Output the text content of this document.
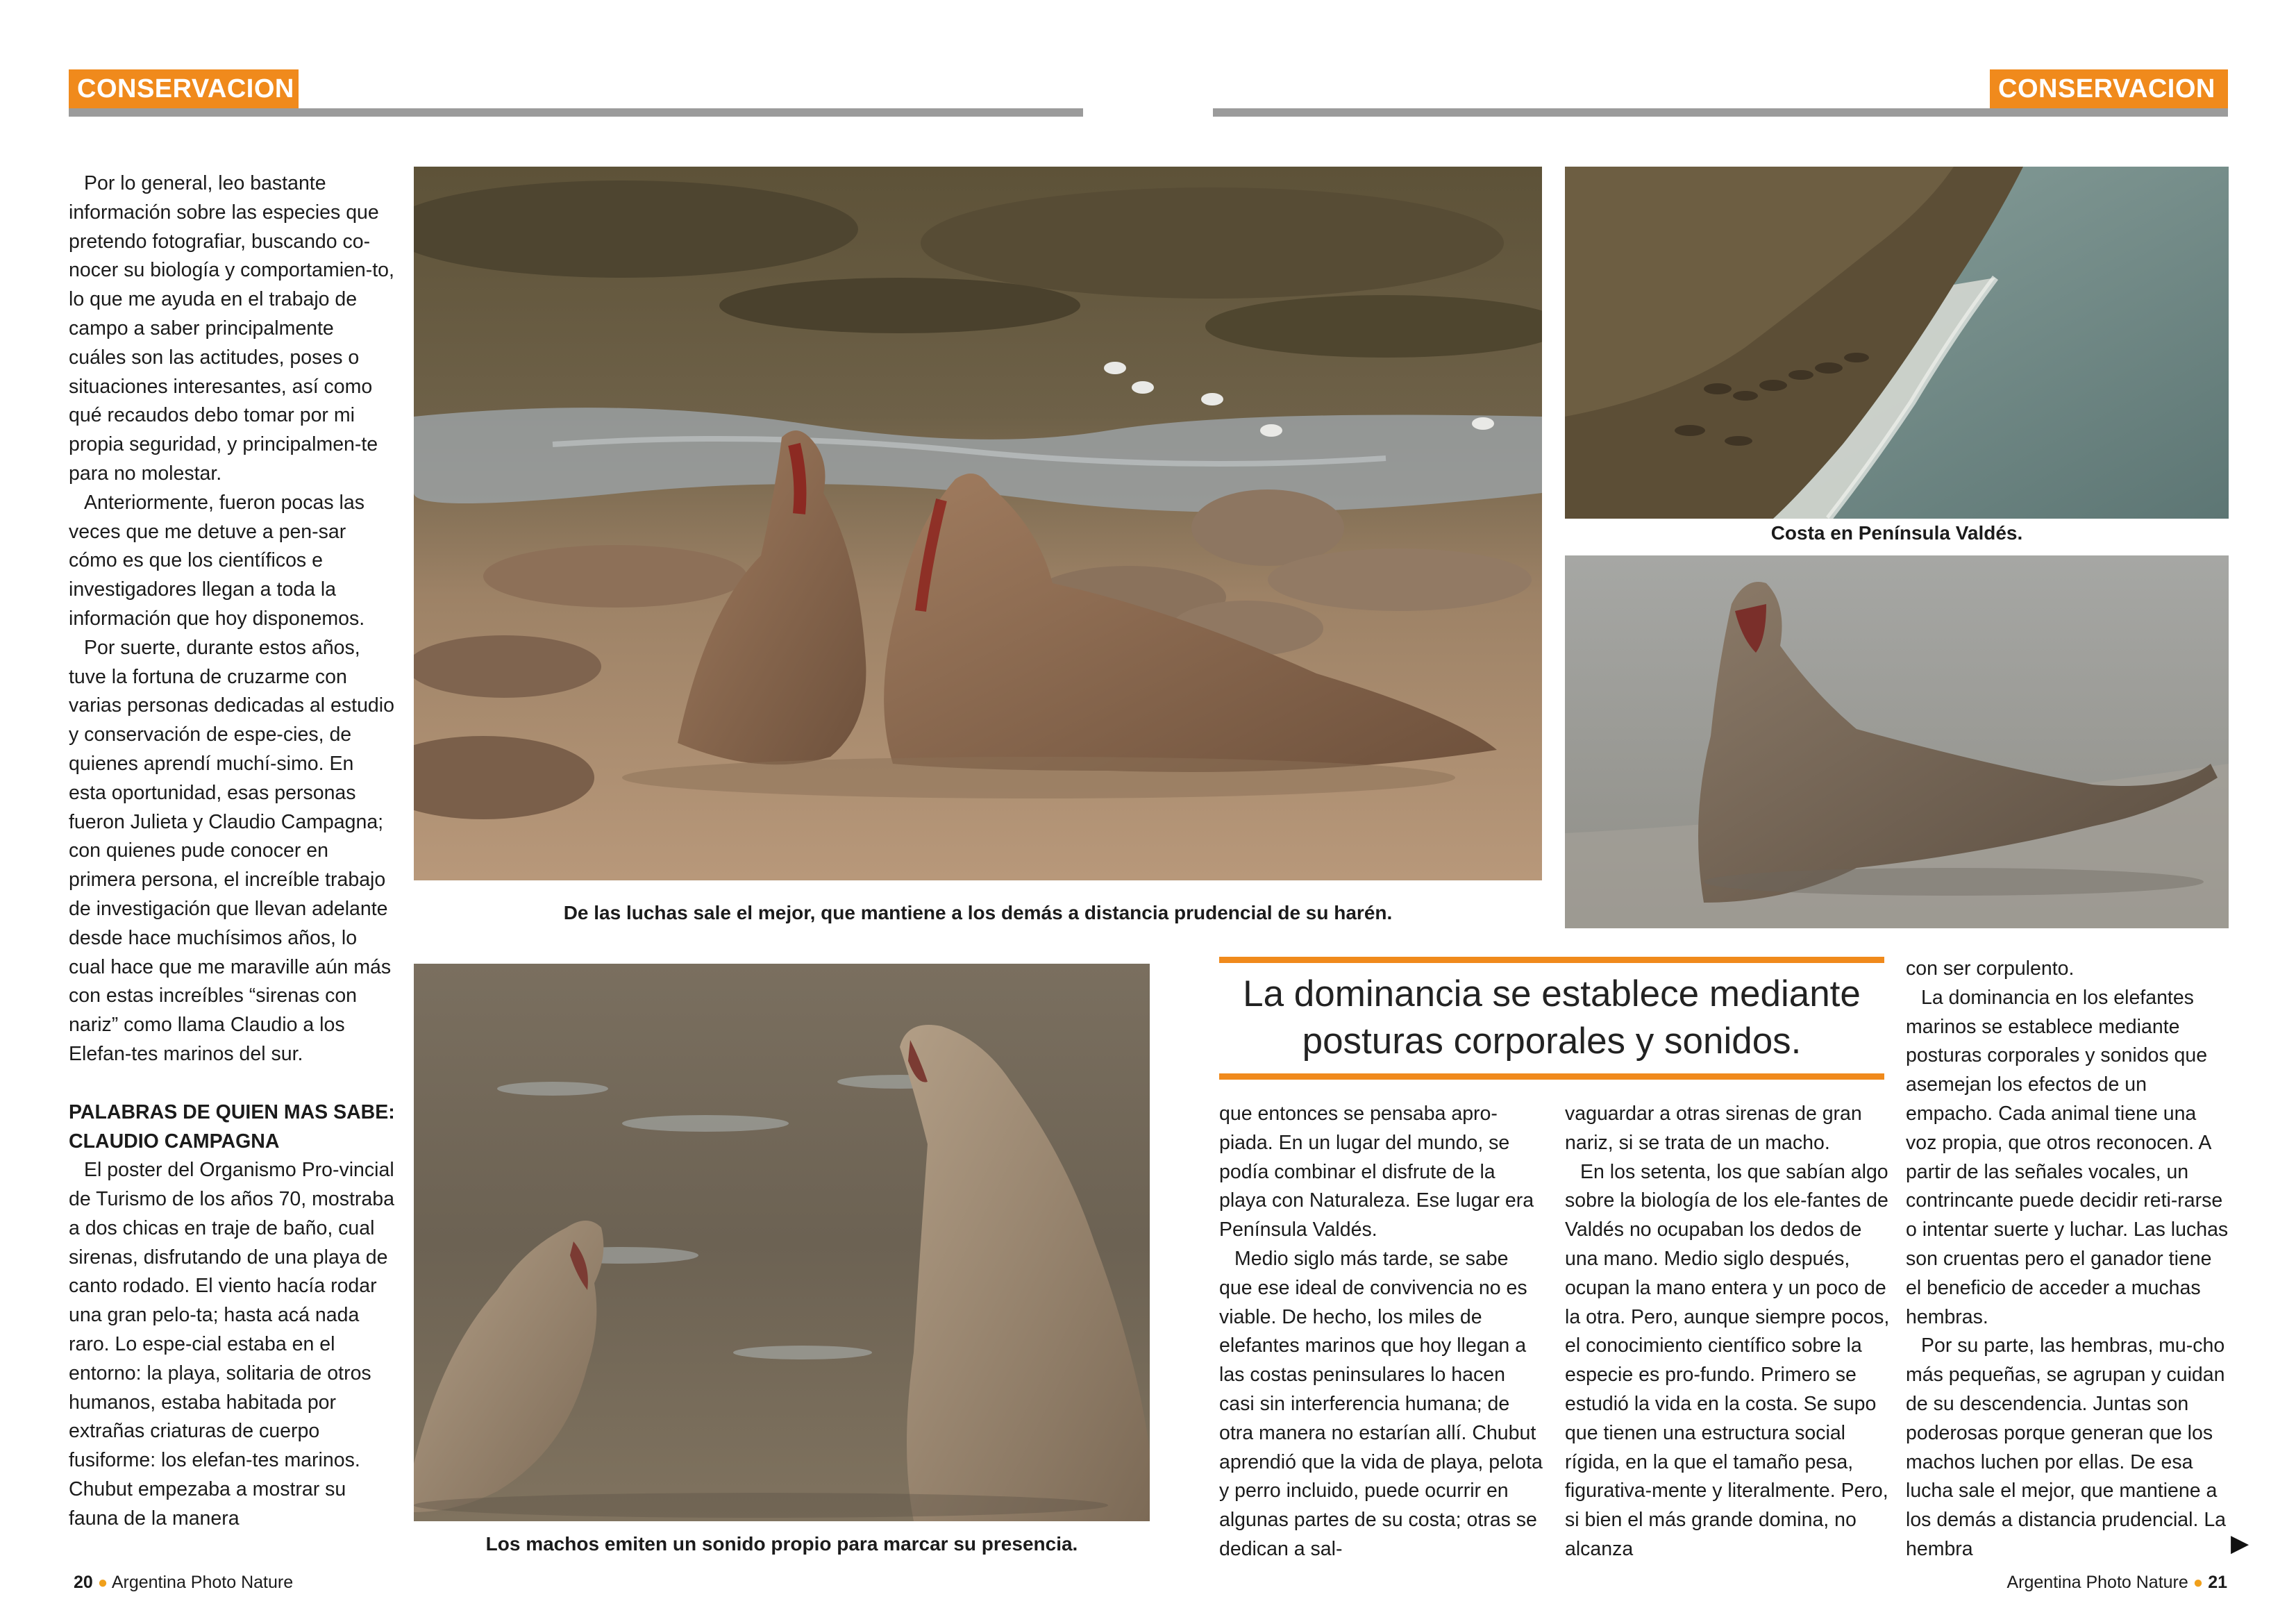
CONSERVACION	CONSERVACION

Por lo general, leo bastante información sobre las especies que pretendo fotografiar, buscando co-nocer su biología y comportamien-to, lo que me ayuda en el trabajo de campo a saber principalmente cuáles son las actitudes, poses o situaciones interesantes, así como qué recaudos debo tomar por mi propia seguridad, y principalmen-te para no molestar.

Anteriormente, fueron pocas las veces que me detuve a pen-sar cómo es que los científicos e investigadores llegan a toda la información que hoy disponemos.

Por suerte, durante estos años, tuve la fortuna de cruzarme con varias personas dedicadas al estudio y conservación de espe-cies, de quienes aprendí muchí-simo. En esta oportunidad, esas personas fueron Julieta y Claudio Campagna; con quienes pude conocer en primera persona, el increíble trabajo de investigación que llevan adelante desde hace muchísimos años, lo cual hace que me maraville aún más con estas increíbles “sirenas con nariz” como llama Claudio a los Elefan-tes marinos del sur.

PALABRAS DE QUIEN MAS SABE:

CLAUDIO CAMPAGNA

El poster del Organismo Pro-vincial de Turismo de los años 70, mostraba a dos chicas en traje de baño, cual sirenas, disfrutando de una playa de canto rodado. El viento hacía rodar una gran pelo-ta; hasta acá nada raro. Lo espe-cial estaba en el entorno: la playa, solitaria de otros humanos, estaba habitada por extrañas criaturas de cuerpo fusiforme: los elefan-tes marinos. Chubut empezaba a mostrar su fauna de la manera

Costa en Península Valdés.
De las luchas sale el mejor, que mantiene a los demás a distancia prudencial de su harén.
Los machos emiten un sonido propio para marcar su presencia.
La dominancia se establece mediante
posturas corporales y sonidos.

que entonces se pensaba apro-piada. En un lugar del mundo, se podía combinar el disfrute de la playa con Naturaleza. Ese lugar era Península Valdés.

Medio siglo más tarde, se sabe que ese ideal de convivencia no es viable. De hecho, los miles de elefantes marinos que hoy llegan a las costas peninsulares lo hacen casi sin interferencia humana; de otra manera no estarían allí. Chubut aprendió que la vida de playa, pelota y perro incluido, puede ocurrir en algunas partes de su costa; otras se dedican a sal-

vaguardar a otras sirenas de gran nariz, si se trata de un macho.

En los setenta, los que sabían algo sobre la biología de los ele-fantes de Valdés no ocupaban los dedos de una mano. Medio siglo después, ocupan la mano entera y un poco de la otra. Pero, aunque siempre pocos, el conocimiento científico sobre la especie es pro-fundo. Primero se estudió la vida en la costa. Se supo que tienen una estructura social rígida, en la que el tamaño pesa, figurativa-mente y literalmente. Pero, si bien el más grande domina, no alcanza

con ser corpulento.

La dominancia en los elefantes marinos se establece mediante posturas corporales y sonidos que asemejan los efectos de un empacho. Cada animal tiene una voz propia, que otros reconocen. A partir de las señales vocales, un contrincante puede decidir reti-rarse o intentar suerte y luchar. Las luchas son cruentas pero el ganador tiene el beneficio de acceder a muchas hembras.

Por su parte, las hembras, mu-cho más pequeñas, se agrupan y cuidan de su descendencia. Juntas son poderosas porque generan que los machos luchen por ellas. De esa lucha sale el mejor, que mantiene a los demás a distancia prudencial. La hembra	▶
20 ● Argentina Photo Nature	Argentina Photo Nature ● 21
